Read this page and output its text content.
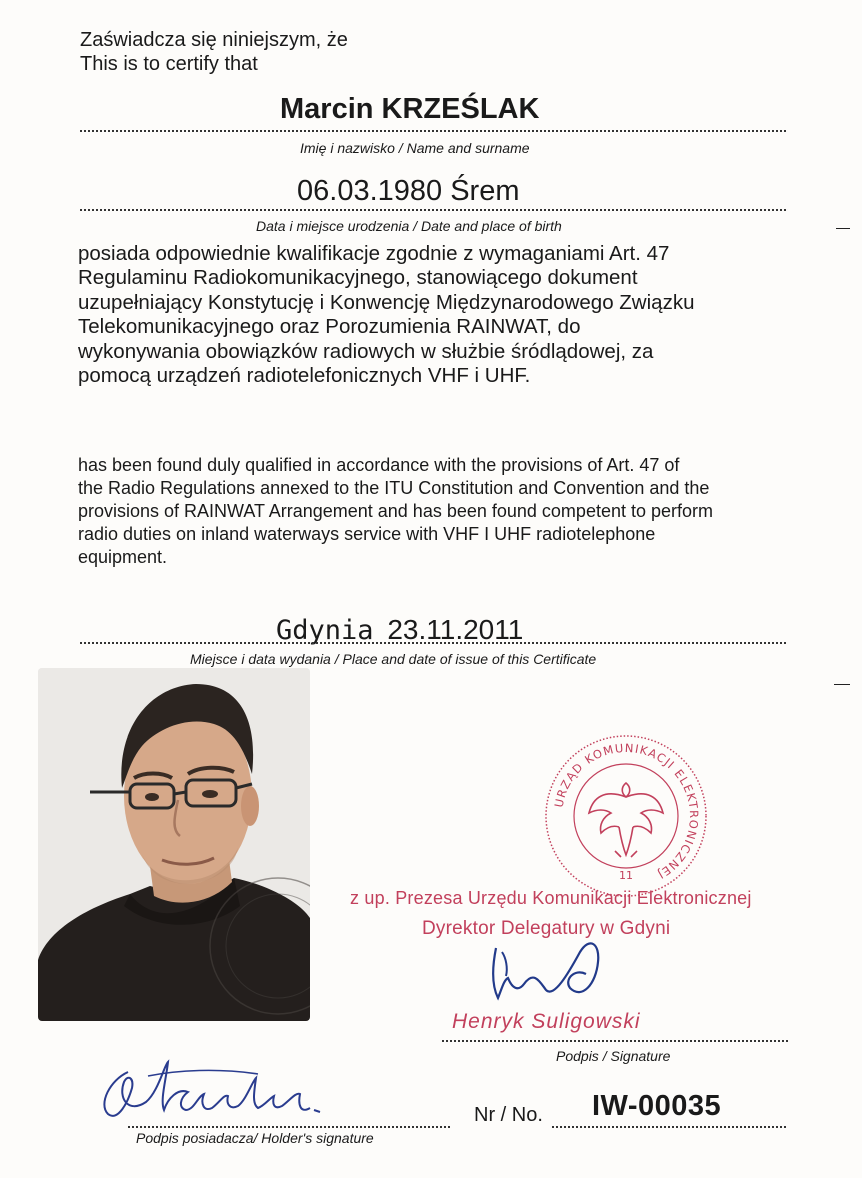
Zaświadcza się niniejszym, że
This is to certify that
Marcin KRZEŚLAK
Imię i nazwisko / Name and surname
06.03.1980 Śrem
Data i miejsce urodzenia / Date and place of birth
posiada odpowiednie kwalifikacje zgodnie z wymaganiami Art. 47
Regulaminu Radiokomunikacyjnego, stanowiącego dokument
uzupełniający Konstytucję i Konwencję Międzynarodowego Związku
Telekomunikacyjnego oraz Porozumienia RAINWAT, do
wykonywania obowiązków radiowych w służbie śródlądowej, za
pomocą urządzeń radiotelefonicznych VHF i UHF.
has been found duly qualified in accordance with the provisions of Art. 47 of
the Radio Regulations annexed to the ITU Constitution and Convention and the
provisions of RAINWAT Arrangement and has been found competent to perform
radio duties on inland waterways service with VHF I UHF radiotelephone
equipment.
Gdynia 23.11.2011
Miejsce i data wydania / Place and date of issue of this Certificate
URZĄD KOMUNIKACJI ELEKTRONICZNEJ
11
z up. Prezesa Urzędu Komunikacji Elektronicznej
Dyrektor Delegatury w Gdyni
Henryk Suligowski
Podpis / Signature
Podpis posiadacza/ Holder's signature
Nr / No. IW-00035
